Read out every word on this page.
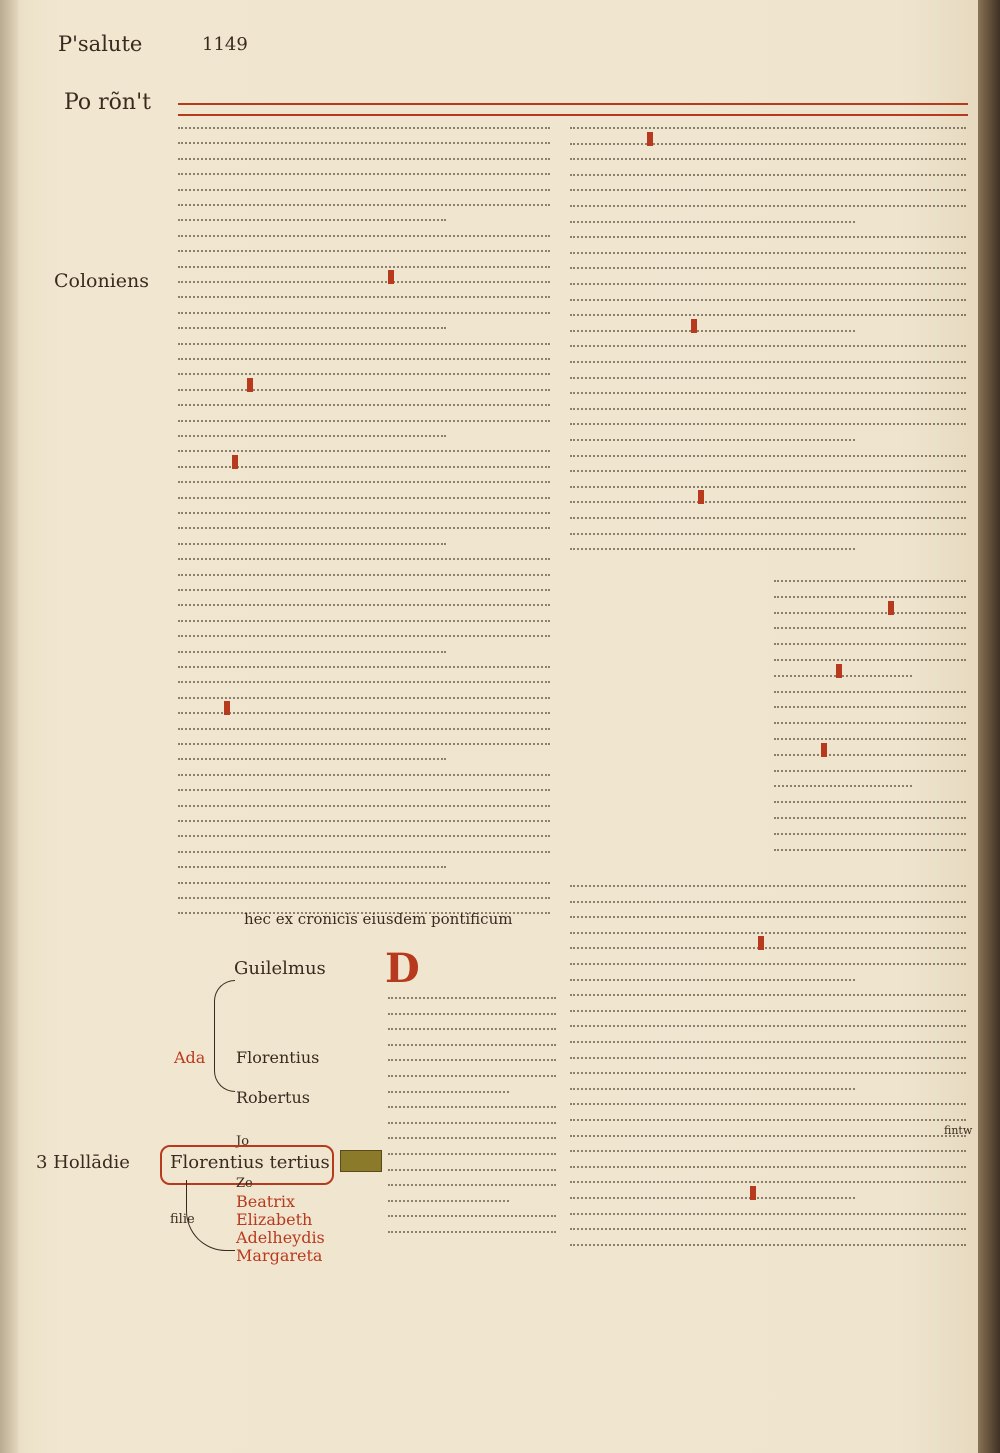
P'salute	1149
Po rõn't
Coloniens
3 Hollādie
fintw
hec ex cronicis eiusdem pontificum
D
Guilelmus
Ada Florentius
Robertus
Jo
Florentius tertius
Ze
Beatrix
Elizabeth
Adelheydis
Margareta
filie
